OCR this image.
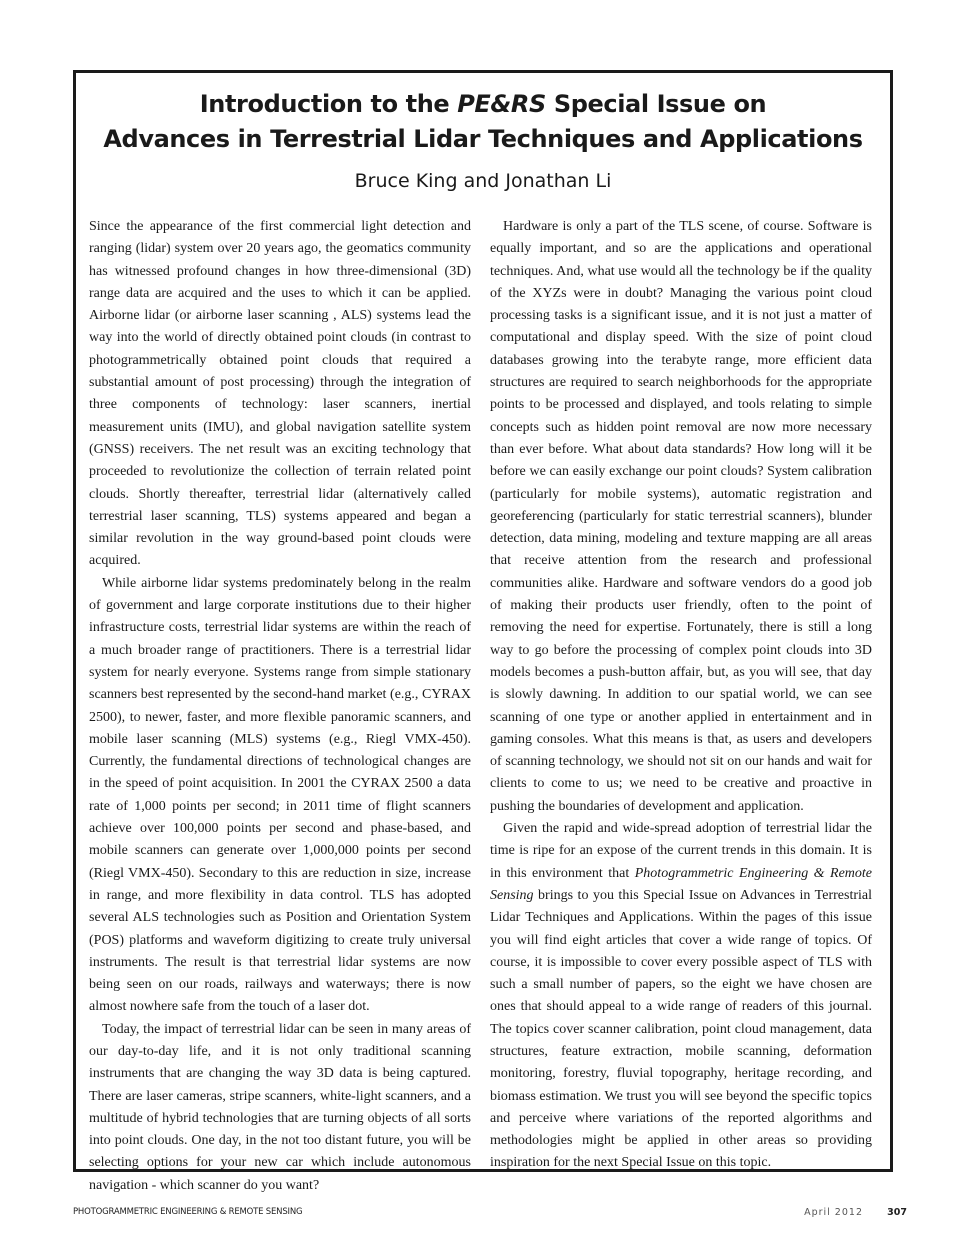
Introduction to the PE&RS Special Issue on
Advances in Terrestrial Lidar Techniques and Applications

Bruce King and Jonathan Li

Since the appearance of the first commercial light detection and ranging (lidar) system over 20 years ago, the geomatics community has witnessed profound changes in how three-dimensional (3D) range data are acquired and the uses to which it can be applied. Airborne lidar (or airborne laser scanning , ALS) systems lead the way into the world of directly obtained point clouds (in contrast to photogrammetrically obtained point clouds that required a substantial amount of post processing) through the integration of three components of technology: laser scanners, inertial measurement units (IMU), and global navigation satellite system (GNSS) receivers. The net result was an exciting technology that proceeded to revolutionize the collection of terrain related point clouds. Shortly thereafter, terrestrial lidar (alternatively called terrestrial laser scanning, TLS) systems appeared and began a similar revolution in the way ground-based point clouds were acquired.

While airborne lidar systems predominately belong in the realm of government and large corporate institutions due to their higher infrastructure costs, terrestrial lidar systems are within the reach of a much broader range of practitioners. There is a terrestrial lidar system for nearly everyone. Systems range from simple stationary scanners best represented by the second-hand market (e.g., CYRAX 2500), to newer, faster, and more flexible panoramic scanners, and mobile laser scanning (MLS) systems (e.g., Riegl VMX-450). Currently, the fundamental directions of technological changes are in the speed of point acquisition. In 2001 the CYRAX 2500 a data rate of 1,000 points per second; in 2011 time of flight scanners achieve over 100,000 points per second and phase-based, and mobile scanners can generate over 1,000,000 points per second (Riegl VMX-450). Secondary to this are reduction in size, increase in range, and more flexibility in data control. TLS has adopted several ALS technologies such as Position and Orientation System (POS) platforms and waveform digitizing to create truly universal instruments. The result is that terrestrial lidar systems are now being seen on our roads, railways and waterways; there is now almost nowhere safe from the touch of a laser dot.

Today, the impact of terrestrial lidar can be seen in many areas of our day-to-day life, and it is not only traditional scanning instruments that are changing the way 3D data is being captured. There are laser cameras, stripe scanners, white-light scanners, and a multitude of hybrid technologies that are turning objects of all sorts into point clouds. One day, in the not too distant future, you will be selecting options for your new car which include autonomous navigation - which scanner do you want?

Hardware is only a part of the TLS scene, of course. Software is equally important, and so are the applications and operational techniques. And, what use would all the technology be if the quality of the XYZs were in doubt? Managing the various point cloud processing tasks is a significant issue, and it is not just a matter of computational and display speed. With the size of point cloud databases growing into the terabyte range, more efficient data structures are required to search neighborhoods for the appropriate points to be processed and displayed, and tools relating to simple concepts such as hidden point removal are now more necessary than ever before. What about data standards? How long will it be before we can easily exchange our point clouds? System calibration (particularly for mobile systems), automatic registration and georeferencing (particularly for static terrestrial scanners), blunder detection, data mining, modeling and texture mapping are all areas that receive attention from the research and professional communities alike. Hardware and software vendors do a good job of making their products user friendly, often to the point of removing the need for expertise. Fortunately, there is still a long way to go before the processing of complex point clouds into 3D models becomes a push-button affair, but, as you will see, that day is slowly dawning. In addition to our spatial world, we can see scanning of one type or another applied in entertainment and in gaming consoles. What this means is that, as users and developers of scanning technology, we should not sit on our hands and wait for clients to come to us; we need to be creative and proactive in pushing the boundaries of development and application.

Given the rapid and wide-spread adoption of terrestrial lidar the time is ripe for an expose of the current trends in this domain. It is in this environment that Photogrammetric Engineering & Remote Sensing brings to you this Special Issue on Advances in Terrestrial Lidar Techniques and Applications. Within the pages of this issue you will find eight articles that cover a wide range of topics. Of course, it is impossible to cover every possible aspect of TLS with such a small number of papers, so the eight we have chosen are ones that should appeal to a wide range of readers of this journal. The topics cover scanner calibration, point cloud management, data structures, feature extraction, mobile scanning, deformation monitoring, forestry, fluvial topography, heritage recording, and biomass estimation. We trust you will see beyond the specific topics and perceive where variations of the reported algorithms and methodologies might be applied in other areas so providing inspiration for the next Special Issue on this topic.

PHOTOGRAMMETRIC ENGINEERING & REMOTE SENSING	April 2012	307
